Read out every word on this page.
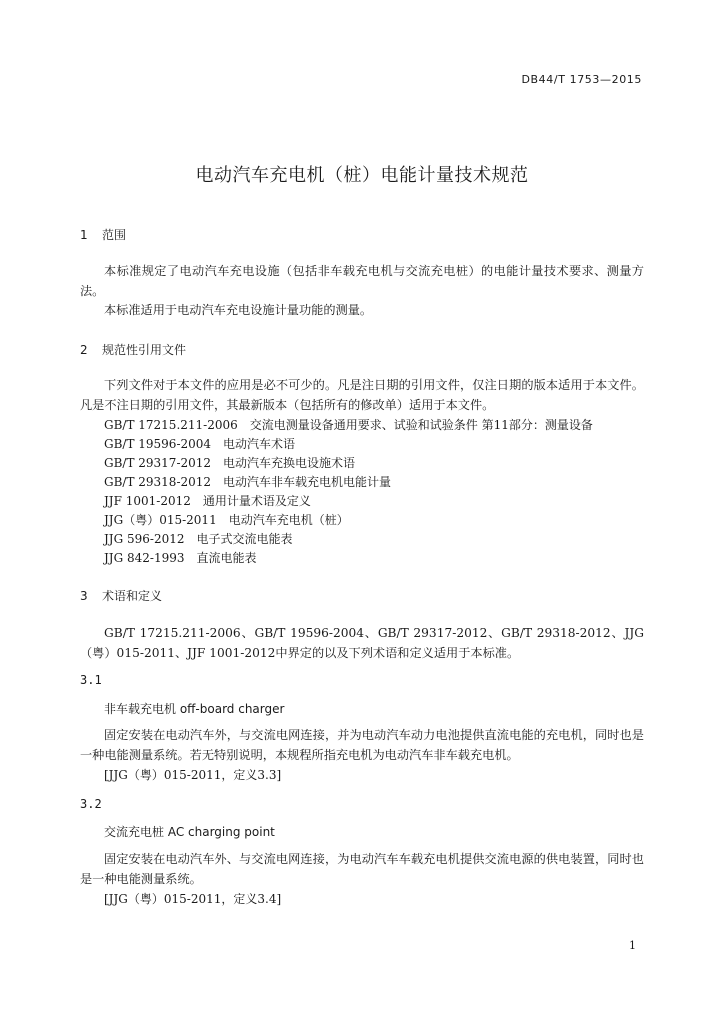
DB44/T 1753—2015
电动汽车充电机（桩）电能计量技术规范
1 范围
本标准规定了电动汽车充电设施（包括非车载充电机与交流充电桩）的电能计量技术要求、测量方法。
本标准适用于电动汽车充电设施计量功能的测量。
2 规范性引用文件
下列文件对于本文件的应用是必不可少的。凡是注日期的引用文件，仅注日期的版本适用于本文件。凡是不注日期的引用文件，其最新版本（包括所有的修改单）适用于本文件。
GB/T 17215.211-2006　交流电测量设备通用要求、试验和试验条件 第11部分：测量设备
GB/T 19596-2004　电动汽车术语
GB/T 29317-2012　电动汽车充换电设施术语
GB/T 29318-2012　电动汽车非车载充电机电能计量
JJF 1001-2012　通用计量术语及定义
JJG（粤）015-2011　电动汽车充电机（桩）
JJG 596-2012　电子式交流电能表
JJG 842-1993　直流电能表
3 术语和定义
GB/T 17215.211-2006、GB/T 19596-2004、GB/T 29317-2012、GB/T 29318-2012、JJG（粤）015-2011、JJF 1001-2012中界定的以及下列术语和定义适用于本标准。
3.1
非车载充电机 off-board charger
固定安装在电动汽车外，与交流电网连接，并为电动汽车动力电池提供直流电能的充电机，同时也是一种电能测量系统。若无特别说明，本规程所指充电机为电动汽车非车载充电机。
[JJG（粤）015-2011，定义3.3]
3.2
交流充电桩 AC charging point
固定安装在电动汽车外、与交流电网连接，为电动汽车车载充电机提供交流电源的供电装置，同时也是一种电能测量系统。
[JJG（粤）015-2011，定义3.4]
1
